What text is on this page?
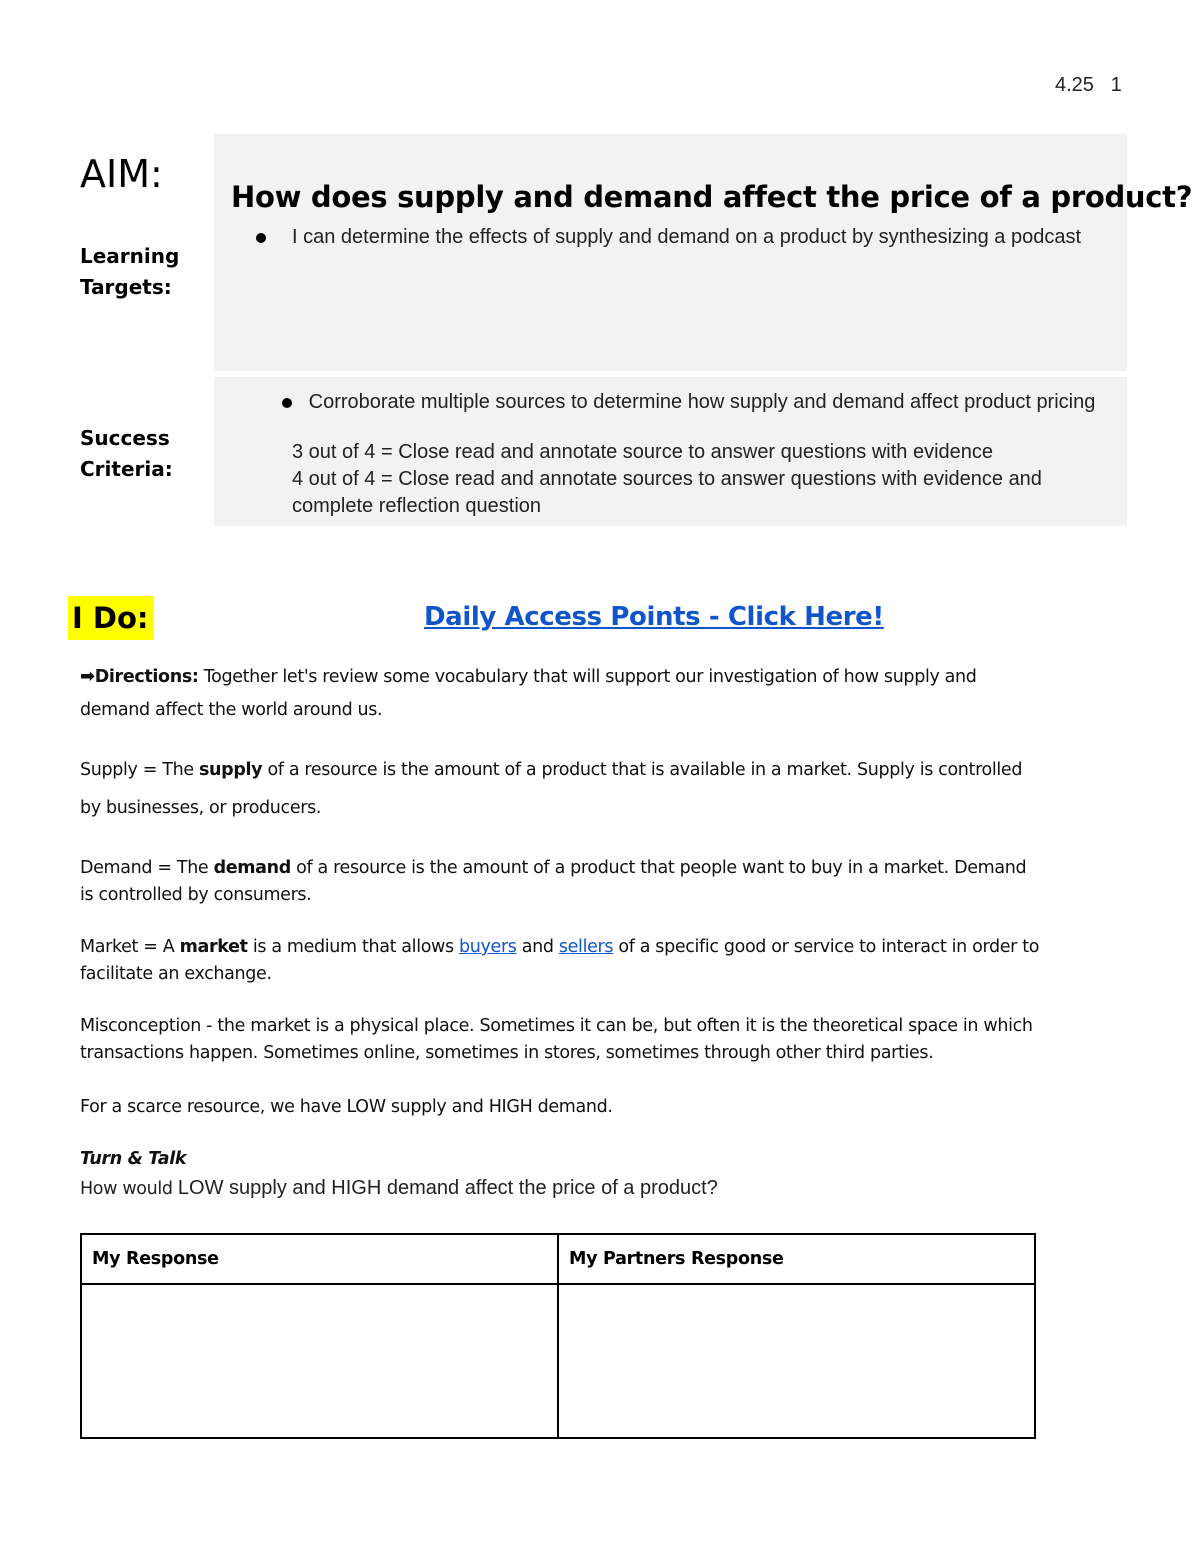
4.25   1
AIM:
Learning
Targets:
How does supply and demand affect the price of a product?
I can determine the effects of supply and demand on a product by synthesizing a podcast
Success
Criteria:
Corroborate multiple sources to determine how supply and demand affect product pricing
3 out of 4 = Close read and annotate source to answer questions with evidence
4 out of 4 = Close read and annotate sources to answer questions with evidence and complete reflection question
I Do:	Daily Access Points - Click Here!
➡Directions: Together let's review some vocabulary that will support our investigation of how supply and demand affect the world around us.
Supply = The supply of a resource is the amount of a product that is available in a market. Supply is controlled by businesses, or producers.
Demand = The demand of a resource is the amount of a product that people want to buy in a market. Demand is controlled by consumers.
Market = A market is a medium that allows buyers and sellers of a specific good or service to interact in order to facilitate an exchange.
Misconception - the market is a physical place. Sometimes it can be, but often it is the theoretical space in which transactions happen. Sometimes online, sometimes in stores, sometimes through other third parties.
For a scarce resource, we have LOW supply and HIGH demand.
Turn & Talk
How would LOW supply and HIGH demand affect the price of a product?
My Response	My Partners Response
